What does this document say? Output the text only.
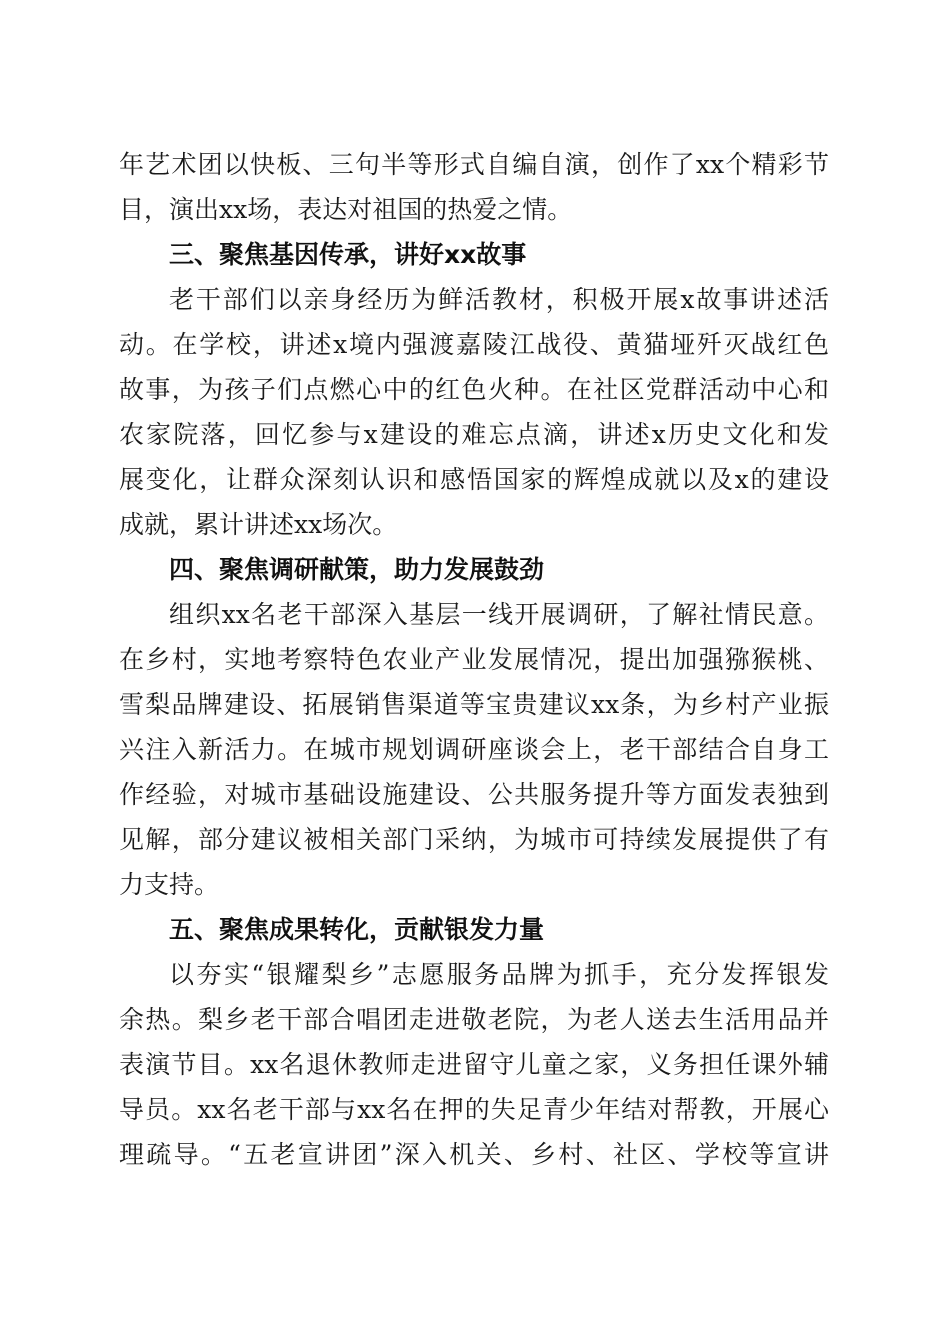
年艺术团以快板、三句半等形式自编自演，创作了xx个精彩节
目，演出xx场，表达对祖国的热爱之情。
三、聚焦基因传承，讲好xx故事
老干部们以亲身经历为鲜活教材，积极开展x故事讲述活
动。在学校，讲述x境内强渡嘉陵江战役、黄猫垭歼灭战红色
故事，为孩子们点燃心中的红色火种。在社区党群活动中心和
农家院落，回忆参与x建设的难忘点滴，讲述x历史文化和发
展变化，让群众深刻认识和感悟国家的辉煌成就以及x的建设
成就，累计讲述xx场次。
四、聚焦调研献策，助力发展鼓劲
组织xx名老干部深入基层一线开展调研，了解社情民意。
在乡村，实地考察特色农业产业发展情况，提出加强猕猴桃、
雪梨品牌建设、拓展销售渠道等宝贵建议xx条，为乡村产业振
兴注入新活力。在城市规划调研座谈会上，老干部结合自身工
作经验，对城市基础设施建设、公共服务提升等方面发表独到
见解，部分建议被相关部门采纳，为城市可持续发展提供了有
力支持。
五、聚焦成果转化，贡献银发力量
以夯实“银耀梨乡”志愿服务品牌为抓手，充分发挥银发
余热。梨乡老干部合唱团走进敬老院，为老人送去生活用品并
表演节目。xx名退休教师走进留守儿童之家，义务担任课外辅
导员。xx名老干部与xx名在押的失足青少年结对帮教，开展心
理疏导。“五老宣讲团”深入机关、乡村、社区、学校等宣讲
